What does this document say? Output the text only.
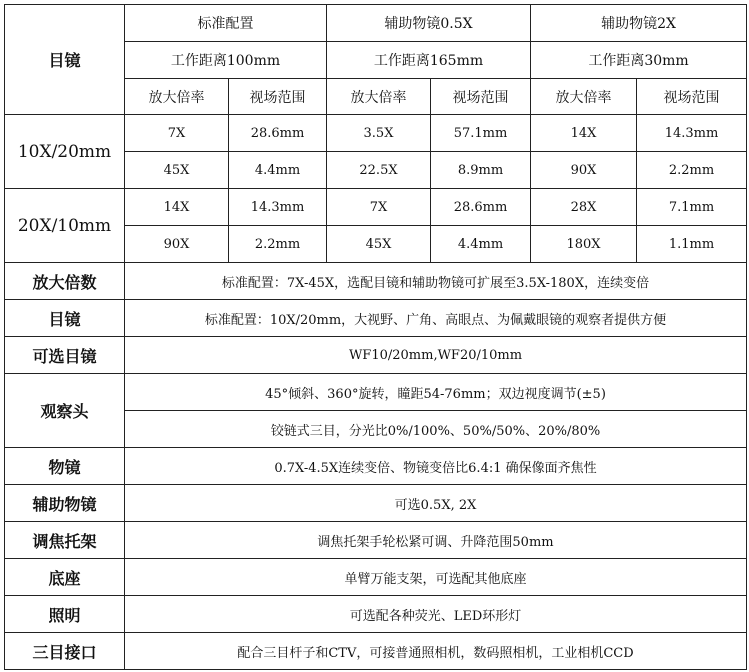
目镜	标准配置		辅助物镜0.5X		辅助物镜2X	
	工作距离100mm		工作距离165mm		工作距离30mm	
	放大倍率	视场范围	放大倍率	视场范围	放大倍率	视场范围
10X/20mm	7X	28.6mm	3.5X	57.1mm	14X	14.3mm
	45X	4.4mm	22.5X	8.9mm	90X	2.2mm
20X/10mm	14X	14.3mm	7X	28.6mm	28X	7.1mm
	90X	2.2mm	45X	4.4mm	180X	1.1mm
放大倍数	标准配置：7X-45X，选配目镜和辅助物镜可扩展至3.5X-180X，连续变倍					
目镜	标准配置：10X/20mm，大视野、广角、高眼点、为佩戴眼镜的观察者提供方便					
可选目镜	WF10/20mm,WF20/10mm					
观察头	45°倾斜、360°旋转，瞳距54-76mm；双边视度调节(±5)					
	铰链式三目，分光比0%/100%、50%/50%、20%/80%					
物镜	0.7X-4.5X连续变倍、物镜变倍比6.4:1 确保像面齐焦性					
辅助物镜	可选0.5X, 2X					
调焦托架	调焦托架手轮松紧可调、升降范围50mm					
底座	单臂万能支架，可选配其他底座					
照明	可选配各种荧光、LED环形灯					
三目接口	配合三目杆子和CTV，可接普通照相机，数码照相机，工业相机CCD					
